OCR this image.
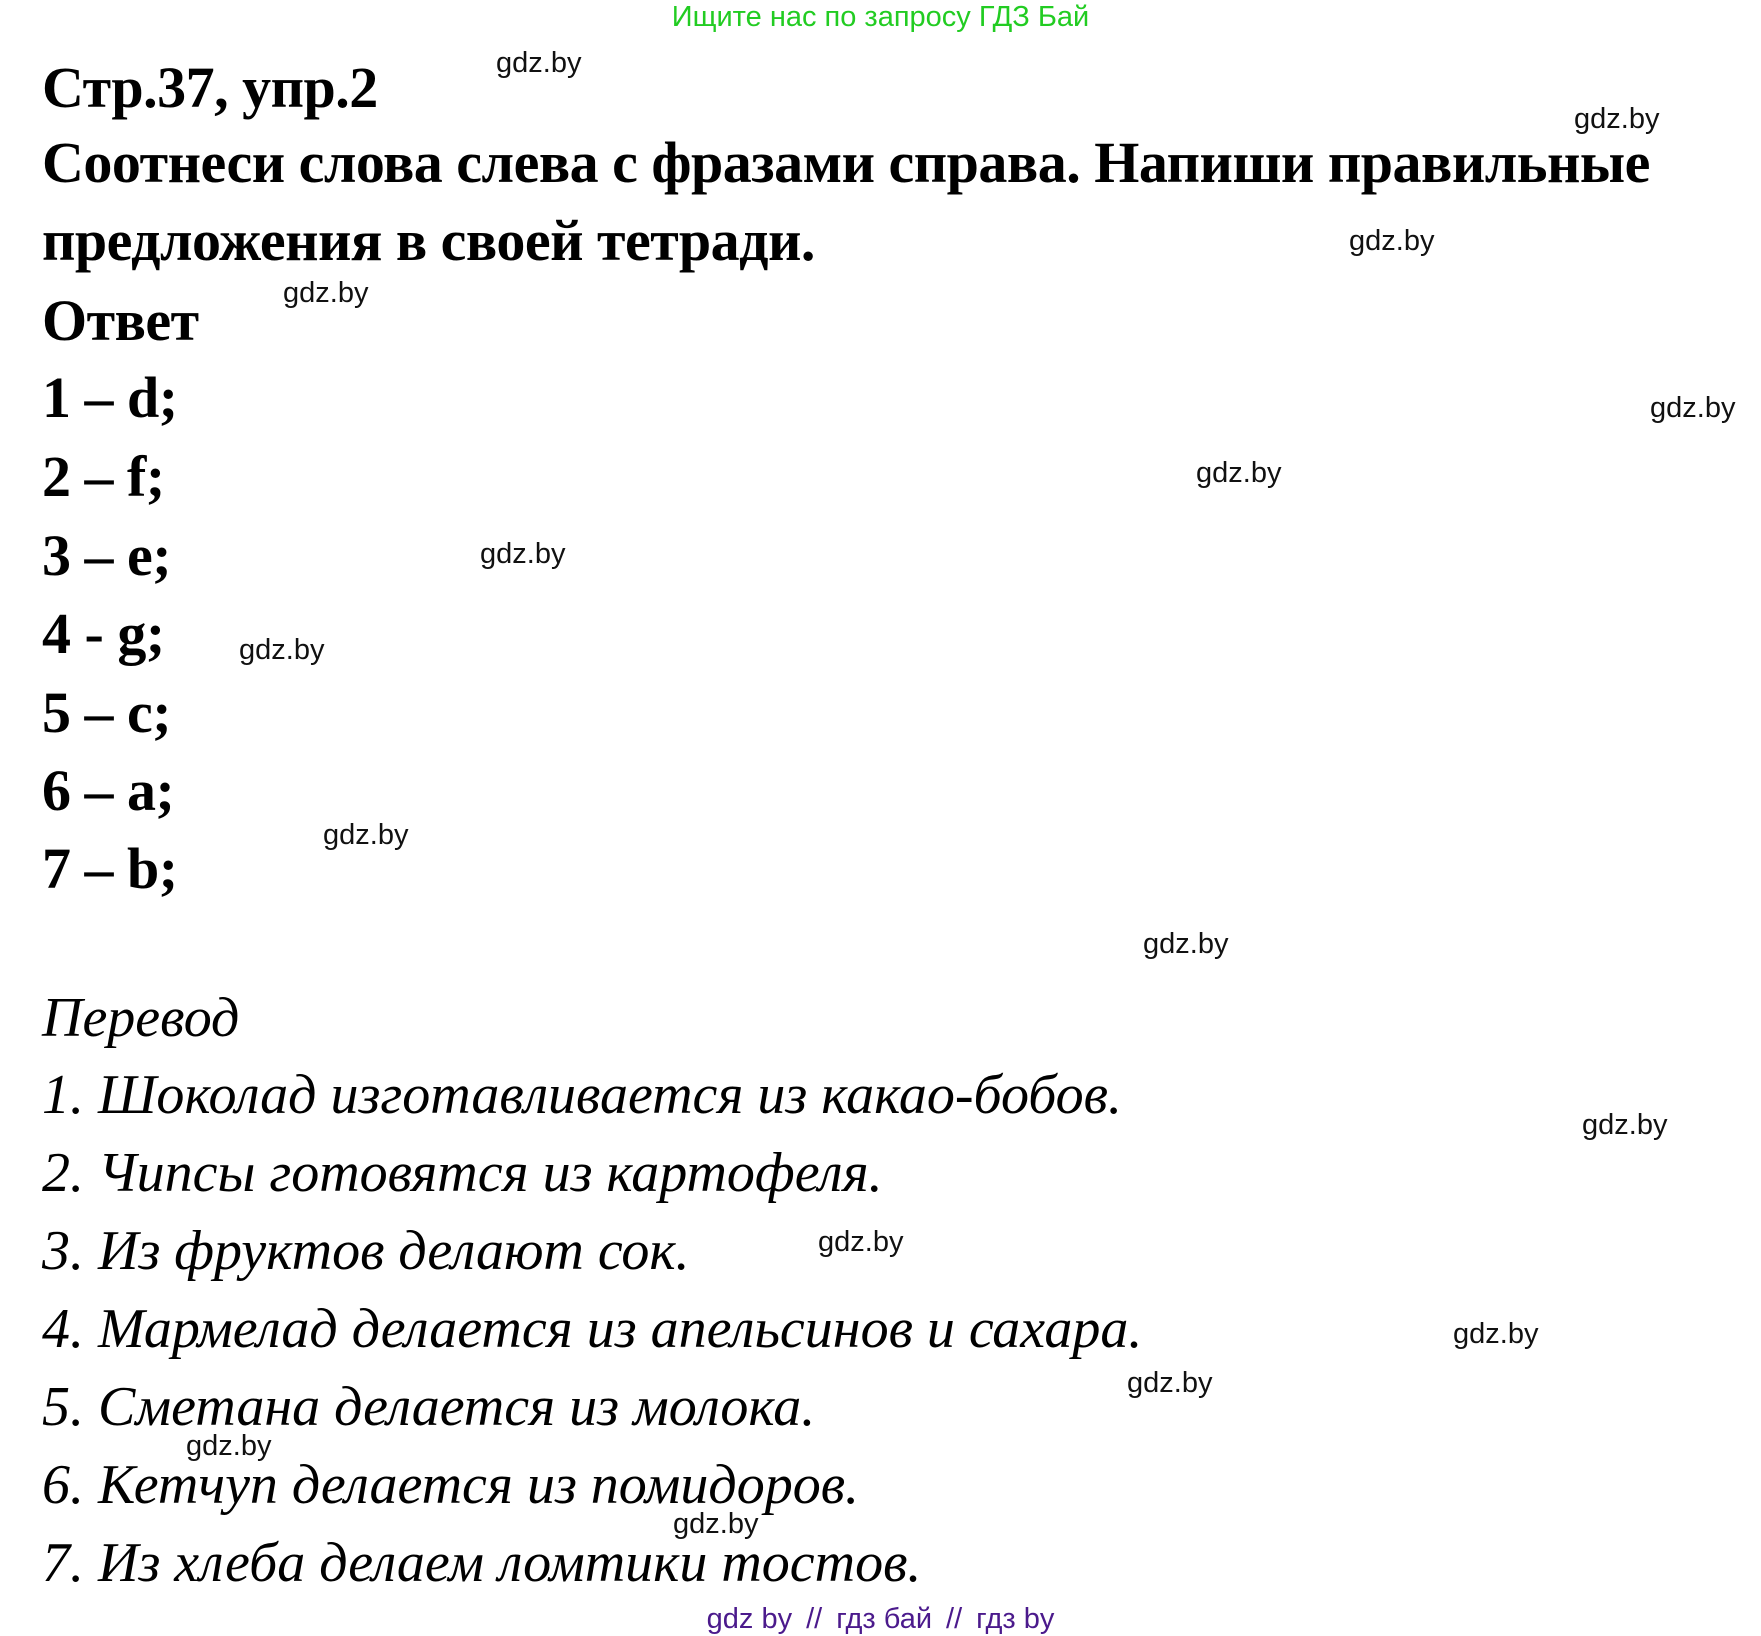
Ищите нас по запросу ГДЗ Бай
Стр.37, упр.2
Соотнеси слова слева с фразами справа. Напиши правильные
предложения в своей тетради.
Ответ
1 – d;
2 – f;
3 – e;
4 - g;
5 – c;
6 – a;
7 – b;
Перевод
1. Шоколад изготавливается из какао-бобов.
2. Чипсы готовятся из картофеля.
3. Из фруктов делают сок.
4. Мармелад делается из апельсинов и сахара.
5. Сметана делается из молока.
6. Кетчуп делается из помидоров.
7. Из хлеба делаем ломтики тостов.
gdz.by
gdz.by
gdz.by
gdz.by
gdz.by
gdz.by
gdz.by
gdz.by
gdz.by
gdz.by
gdz.by
gdz.by
gdz.by
gdz.by
gdz.by
gdz.by
gdz by // гдз бай // гдз by
